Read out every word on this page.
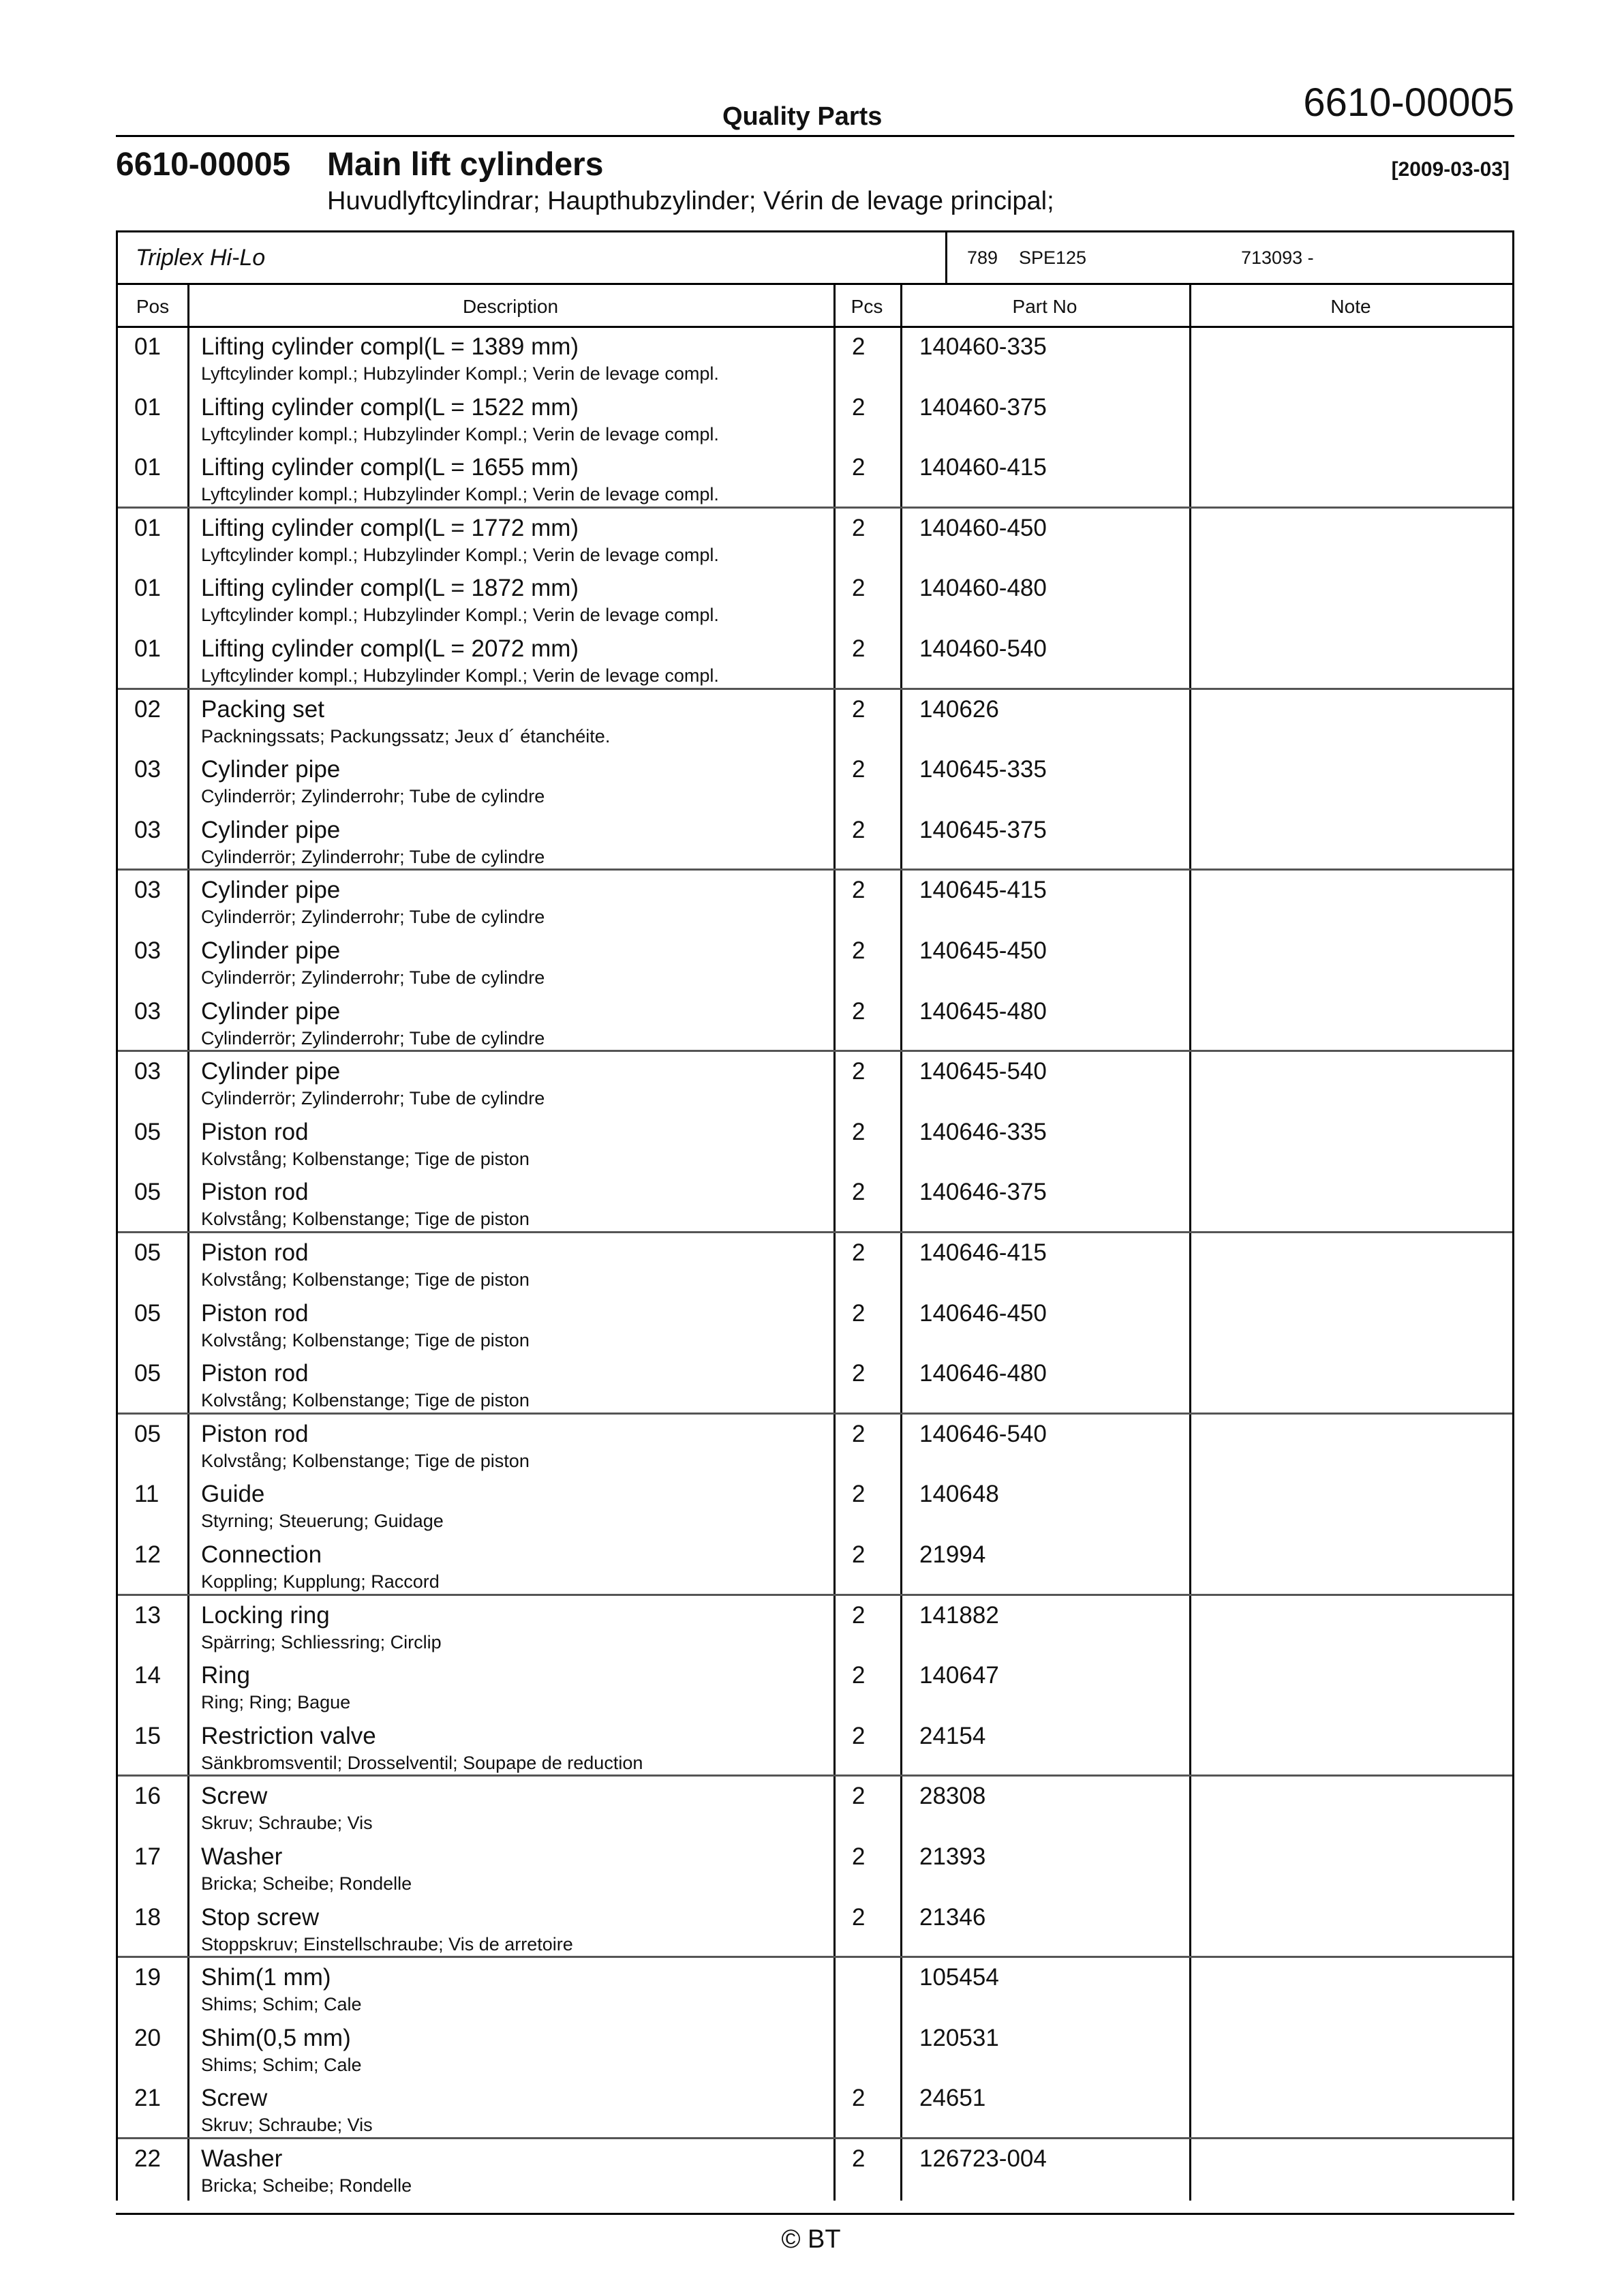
Quality Parts	6610-00005
6610-00005 Main lift cylinders	[2009-03-03]
Huvudlyftcylindrar; Haupthubzylinder; Vérin de levage principal;
Triplex Hi-Lo	789 SPE125	713093 -
Pos	Description	Pcs	Part No	Note
01 Lifting cylinder compl(L = 1389 mm)
Lyftcylinder kompl.; Hubzylinder Kompl.; Verin de levage compl.
2 140460-335
01 Lifting cylinder compl(L = 1522 mm)
Lyftcylinder kompl.; Hubzylinder Kompl.; Verin de levage compl.
2 140460-375
01 Lifting cylinder compl(L = 1655 mm)
Lyftcylinder kompl.; Hubzylinder Kompl.; Verin de levage compl.
2 140460-415
01 Lifting cylinder compl(L = 1772 mm)
Lyftcylinder kompl.; Hubzylinder Kompl.; Verin de levage compl.
2 140460-450
01 Lifting cylinder compl(L = 1872 mm)
Lyftcylinder kompl.; Hubzylinder Kompl.; Verin de levage compl.
2 140460-480
01 Lifting cylinder compl(L = 2072 mm)
Lyftcylinder kompl.; Hubzylinder Kompl.; Verin de levage compl.
2 140460-540
02 Packing set
Packningssats; Packungssatz; Jeux d´ étanchéite.
2 140626
03 Cylinder pipe
Cylinderrör; Zylinderrohr; Tube de cylindre
2 140645-335
03 Cylinder pipe
Cylinderrör; Zylinderrohr; Tube de cylindre
2 140645-375
03 Cylinder pipe
Cylinderrör; Zylinderrohr; Tube de cylindre
2 140645-415
03 Cylinder pipe
Cylinderrör; Zylinderrohr; Tube de cylindre
2 140645-450
03 Cylinder pipe
Cylinderrör; Zylinderrohr; Tube de cylindre
2 140645-480
03 Cylinder pipe
Cylinderrör; Zylinderrohr; Tube de cylindre
2 140645-540
05 Piston rod
Kolvstång; Kolbenstange; Tige de piston
2 140646-335
05 Piston rod
Kolvstång; Kolbenstange; Tige de piston
2 140646-375
05 Piston rod
Kolvstång; Kolbenstange; Tige de piston
2 140646-415
05 Piston rod
Kolvstång; Kolbenstange; Tige de piston
2 140646-450
05 Piston rod
Kolvstång; Kolbenstange; Tige de piston
2 140646-480
05 Piston rod
Kolvstång; Kolbenstange; Tige de piston
2 140646-540
11 Guide
Styrning; Steuerung; Guidage
2 140648
12 Connection
Koppling; Kupplung; Raccord
2 21994
13 Locking ring
Spärring; Schliessring; Circlip
2 141882
14 Ring
Ring; Ring; Bague
2 140647
15 Restriction valve
Sänkbromsventil; Drosselventil; Soupape de reduction
2 24154
16 Screw
Skruv; Schraube; Vis
2 28308
17 Washer
Bricka; Scheibe; Rondelle
2 21393
18 Stop screw
Stoppskruv; Einstellschraube; Vis de arretoire
2 21346
19 Shim(1 mm)
Shims; Schim; Cale
105454
20 Shim(0,5 mm)
Shims; Schim; Cale
120531
21 Screw
Skruv; Schraube; Vis
2 24651
22 Washer
Bricka; Scheibe; Rondelle
2 126723-004
© BT
